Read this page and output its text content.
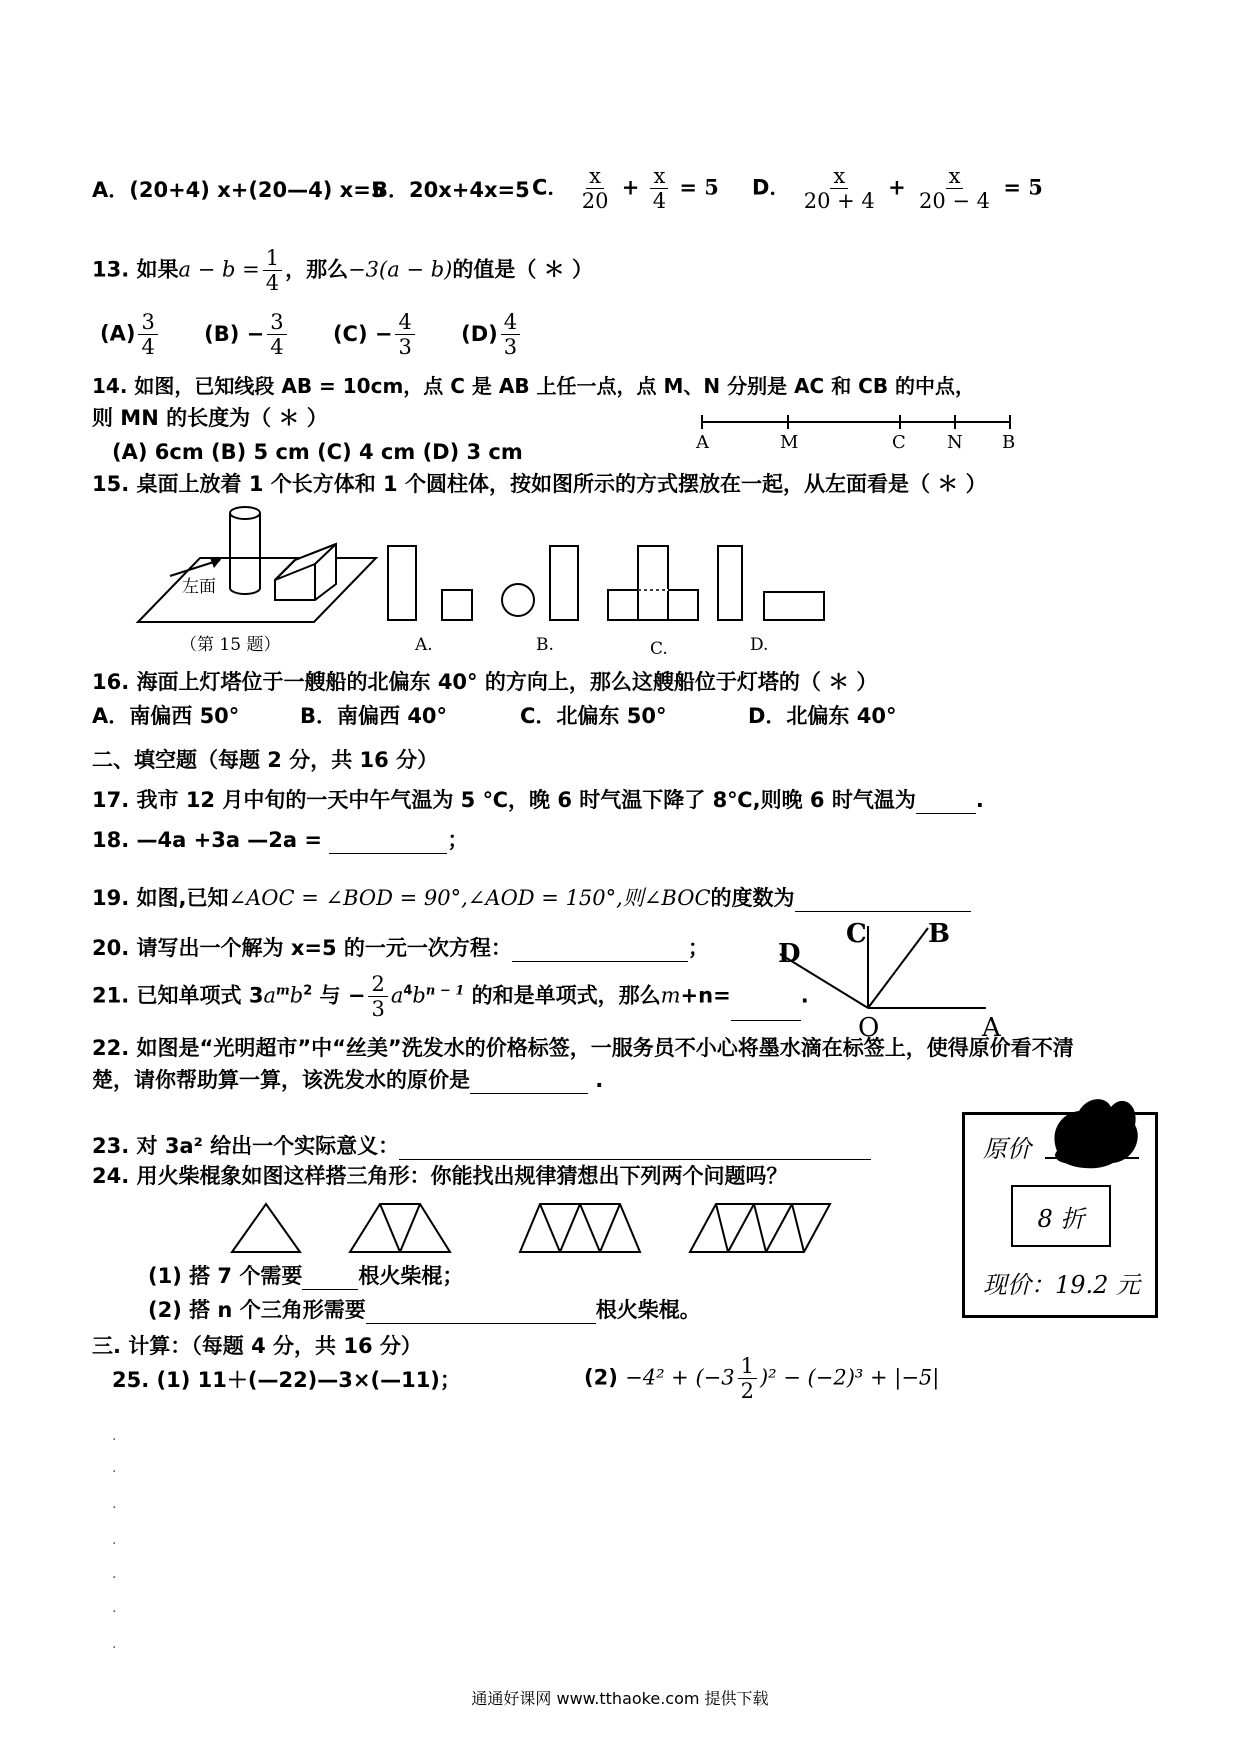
A．(20+4) x+(20—4) x=5
B．20x+4x=5 C． $\frac{x}{20} + \frac{x}{4} = 5$ D． $\frac{x}{20 + 4} + \frac{x}{20 - 4} = 5$
13. 如果$a - b = \frac{1}{4}$ ，那么−3(a − b)的值是（ ＊ ）
$(A) \frac{3}{4} (B) - \frac{3}{4} (C) - \frac{4}{3} (D) \frac{4}{3}$
14. 如图，已知线段 AB = 10cm，点 C 是 AB 上任一点，点 M、N 分别是 AC 和 CB 的中点，
则 MN 的长度为（ ＊ ）
(A) 6cm (B) 5 cm (C) 4 cm (D) 3 cm	A	M	C N B
15. 桌面上放着 1 个长方体和 1 个圆柱体，按如图所示的方式摆放在一起，从左面看是（ ＊ ）
左面
（第 15 题）	A.	B.	C.	D.
16. 海面上灯塔位于一艘船的北偏东 40° 的方向上，那么这艘船位于灯塔的（ ＊ ）
A．南偏西 50°	B．南偏西 40°	C．北偏东 50°	D．北偏东 40°
二、填空题（每题 2 分，共 16 分）
17. 我市 12 月中旬的一天中午气温为 5 ℃，晚 6 时气温下降了 8℃,则晚 6 时气温为	.
18. —4a +3a —2a =	；
19. 如图,已知∠AOC = ∠BOD = 90°,∠AOD = 150°,则∠BOC的度数为
20. 请写出一个解为 x=5 的一元一次方程：	；
21. 已知单项式 $3a^mb^2$ 与 − $\frac{2}{3} a^4b^{n - 1}$ 的和是单项式，那么m+n=	.
C B
D
O	A
22. 如图是“光明超市”中“丝美”洗发水的价格标签，一服务员不小心将墨水滴在标签上，使得原价看不清
楚，请你帮助算一算，该洗发水的原价是	.
原价
8 折
现价：19.2 元
23. 对 3a² 给出一个实际意义：
24. 用火柴棍象如图这样搭三角形：你能找出规律猜想出下列两个问题吗？
(1) 搭 7 个需要	根火柴棍；
(2) 搭 n 个三角形需要	根火柴棍。
三. 计算：（每题 4 分，共 16 分）
25. (1) 11＋(—22)—3×(—11)；	$(2) -4^2 + (-3 \frac{1}{2} )^2 - (-2)^3 + |-5|$
·
·
·
·
·
·
·
通通好课网 www.tthaoke.com 提供下载
